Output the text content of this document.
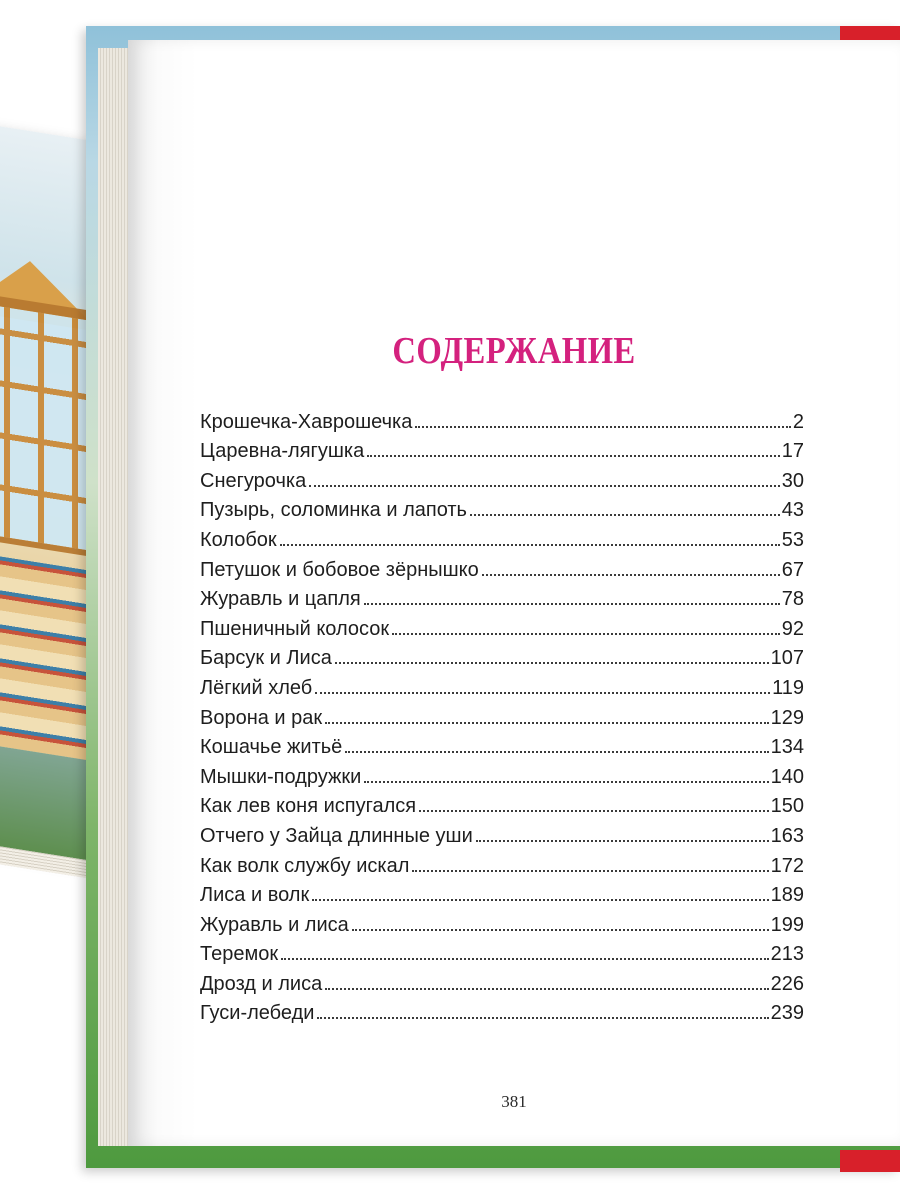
СОДЕРЖАНИЕ
381
Крошечка-Хаврошечка	2
Царевна-лягушка	17
Снегурочка	30
Пузырь, соломинка и лапоть	43
Колобок	53
Петушок и бобовое зёрнышко	67
Журавль и цапля	78
Пшеничный колосок	92
Барсук и Лиса	107
Лёгкий хлеб	119
Ворона и рак	129
Кошачье житьё	134
Мышки-подружки	140
Как лев коня испугался	150
Отчего у Зайца длинные уши	163
Как волк службу искал	172
Лиса и волк	189
Журавль и лиса	199
Теремок	213
Дрозд и лиса	226
Гуси-лебеди	239
